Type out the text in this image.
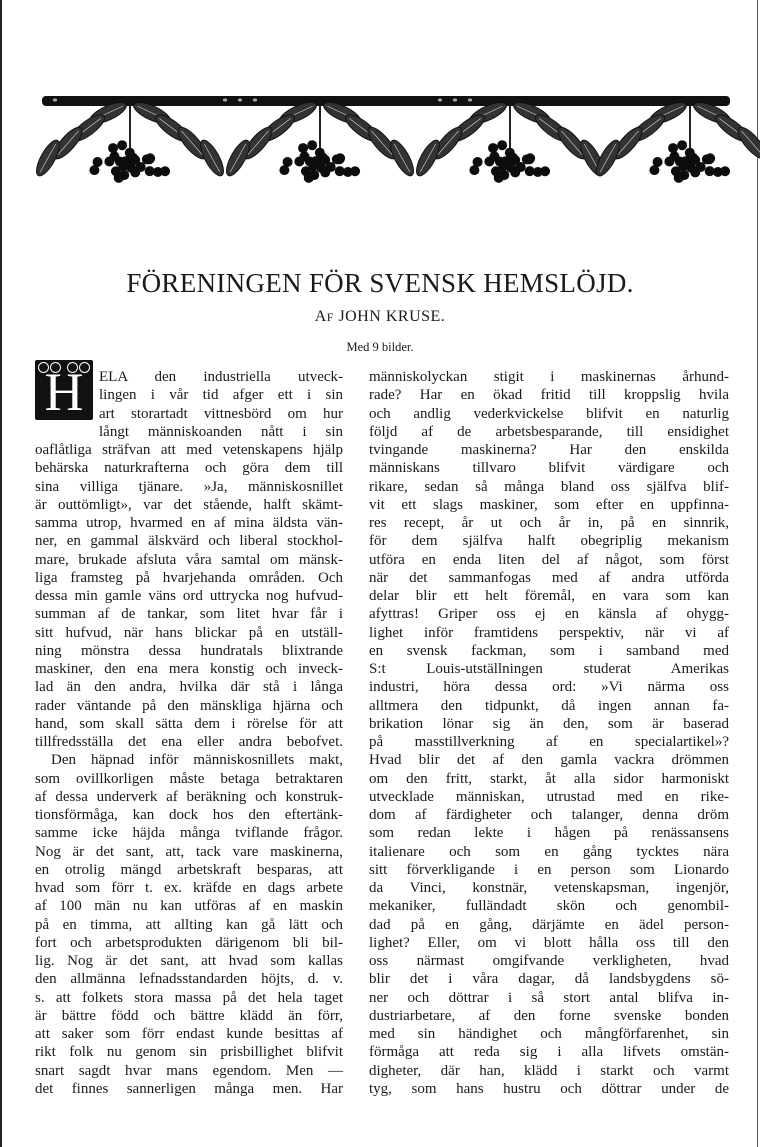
*	* * *	* * *
FÖRENINGEN FÖR SVENSK HEMSLÖJD.
AF JOHN KRUSE.
Med 9 bilder.
H	ELA den industriella utveck-
lingen i vår tid afger ett i sin
art storartadt vittnesbörd om hur
långt människoanden nått i sin
oaflåtliga sträfvan att med vetenskapens hjälp
behärska naturkrafterna och göra dem till
sina villiga tjänare. »Ja, människosnillet
är outtömligt», var det stående, halft skämt-
samma utrop, hvarmed en af mina äldsta vän-
ner, en gammal älskvärd och liberal stockhol-
mare, brukade afsluta våra samtal om mänsk-
liga framsteg på hvarjehanda områden. Och
dessa min gamle väns ord uttrycka nog hufvud-
summan af de tankar, som litet hvar får i
sitt hufvud, när hans blickar på en utställ-
ning mönstra dessa hundratals blixtrande
maskiner, den ena mera konstig och inveck-
lad än den andra, hvilka där stå i långa
rader väntande på den mänskliga hjärna och
hand, som skall sätta dem i rörelse för att
tillfredsställa det ena eller andra bebofvet.
Den häpnad inför människosnillets makt,
som ovillkorligen måste betaga betraktaren
af dessa underverk af beräkning och konstruk-
tionsförmåga, kan dock hos den eftertänk-
samme icke häjda många tviflande frågor.
Nog är det sant, att, tack vare maskinerna,
en otrolig mängd arbetskraft besparas, att
hvad som förr t. ex. kräfde en dags arbete
af 100 män nu kan utföras af en maskin
på en timma, att allting kan gå lätt och
fort och arbetsprodukten därigenom bli bil-
lig. Nog är det sant, att hvad som kallas
den allmänna lefnadsstandarden höjts, d. v.
s. att folkets stora massa på det hela taget
är bättre född och bättre klädd än förr,
att saker som förr endast kunde besittas af
rikt folk nu genom sin prisbillighet blifvit
snart sagdt hvar mans egendom. Men —
det finnes sannerligen många men. Har
människolyckan stigit i maskinernas århund-
rade? Har en ökad fritid till kroppslig hvila
och andlig vederkvickelse blifvit en naturlig
följd af de arbetsbesparande, till ensidighet
tvingande maskinerna? Har den enskilda
människans tillvaro blifvit värdigare och
rikare, sedan så många bland oss själfva blif-
vit ett slags maskiner, som efter en uppfinna-
res recept, år ut och år in, på en sinnrik,
för dem själfva halft obegriplig mekanism
utföra en enda liten del af något, som först
när det sammanfogas med af andra utförda
delar blir ett helt föremål, en vara som kan
afyttras! Griper oss ej en känsla af ohygg-
lighet inför framtidens perspektiv, när vi af
en svensk fackman, som i samband med
S:t Louis-utställningen studerat Amerikas
industri, höra dessa ord: »Vi närma oss
alltmera den tidpunkt, då ingen annan fa-
brikation lönar sig än den, som är baserad
på masstillverkning af en specialartikel»?
Hvad blir det af den gamla vackra drömmen
om den fritt, starkt, åt alla sidor harmoniskt
utvecklade människan, utrustad med en rike-
dom af färdigheter och talanger, denna dröm
som redan lekte i hågen på renässansens
italienare och som en gång tycktes nära
sitt förverkligande i en person som Lionardo
da Vinci, konstnär, vetenskapsman, ingenjör,
mekaniker, fulländadt skön och genombil-
dad på en gång, därjämte en ädel person-
lighet? Eller, om vi blott hålla oss till den
oss närmast omgifvande verkligheten, hvad
blir det i våra dagar, då landsbygdens sö-
ner och döttrar i så stort antal blifva in-
dustriarbetare, af den forne svenske bonden
med sin händighet och mångförfarenhet, sin
förmåga att reda sig i alla lifvets omstän-
digheter, där han, klädd i starkt och varmt
tyg, som hans hustru och döttrar under de
